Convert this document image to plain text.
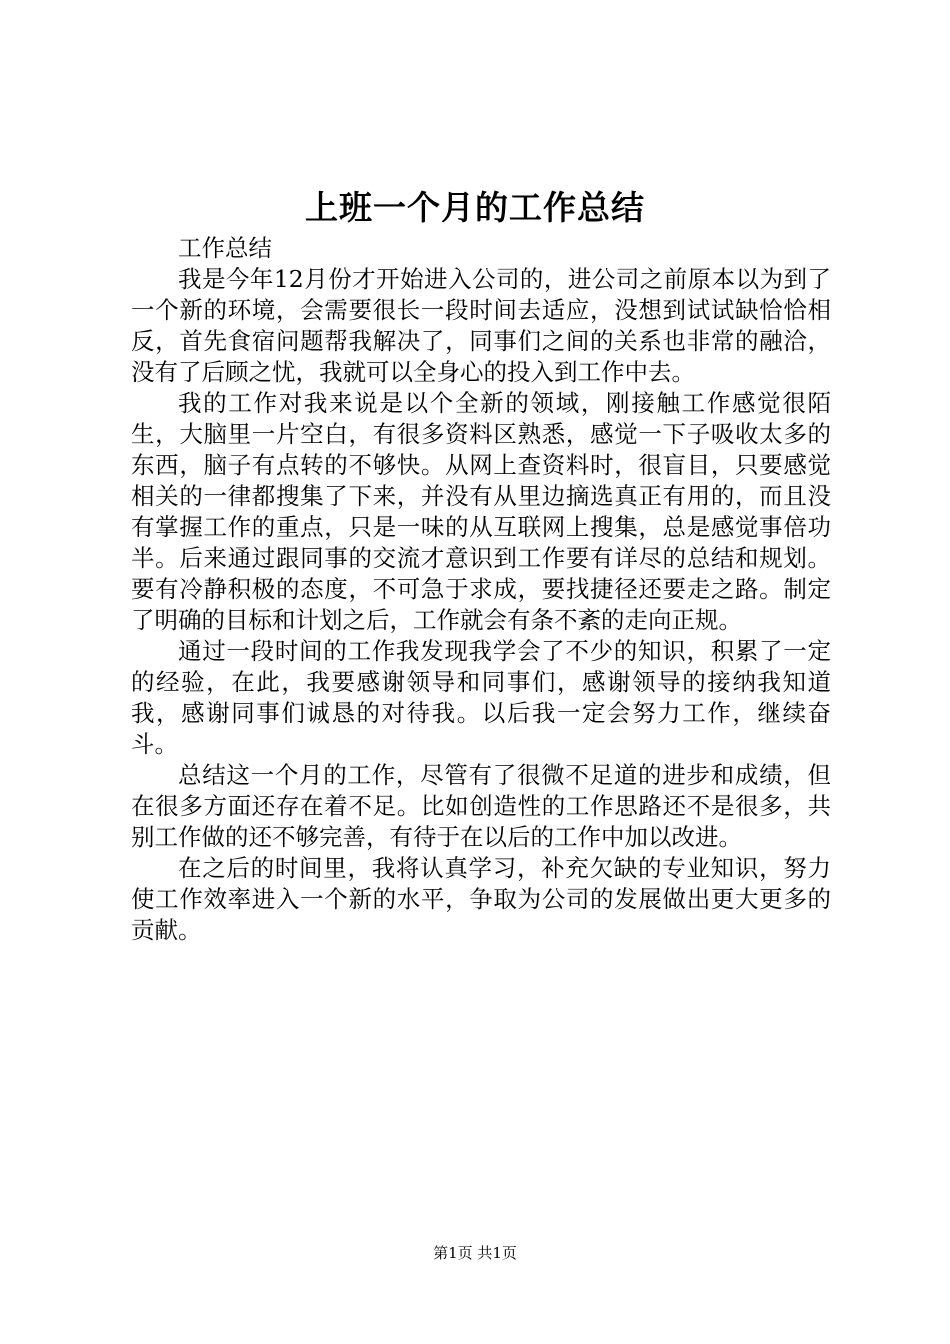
上班一个月的工作总结

工作总结

我是今年12月份才开始进入公司的，进公司之前原本以为到了一个新的环境，会需要很长一段时间去适应，没想到试试缺恰恰相反，首先食宿问题帮我解决了，同事们之间的关系也非常的融洽，没有了后顾之忧，我就可以全身心的投入到工作中去。

我的工作对我来说是以个全新的领域，刚接触工作感觉很陌生，大脑里一片空白，有很多资料区熟悉，感觉一下子吸收太多的东西，脑子有点转的不够快。从网上查资料时，很盲目，只要感觉相关的一律都搜集了下来，并没有从里边摘选真正有用的，而且没有掌握工作的重点，只是一味的从互联网上搜集，总是感觉事倍功半。后来通过跟同事的交流才意识到工作要有详尽的总结和规划。要有冷静积极的态度，不可急于求成，要找捷径还要走之路。制定了明确的目标和计划之后，工作就会有条不紊的走向正规。

通过一段时间的工作我发现我学会了不少的知识，积累了一定的经验，在此，我要感谢领导和同事们，感谢领导的接纳我知道我，感谢同事们诚恳的对待我。以后我一定会努力工作，继续奋斗。

总结这一个月的工作，尽管有了很微不足道的进步和成绩，但在很多方面还存在着不足。比如创造性的工作思路还不是很多，共别工作做的还不够完善，有待于在以后的工作中加以改进。

在之后的时间里，我将认真学习，补充欠缺的专业知识，努力使工作效率进入一个新的水平，争取为公司的发展做出更大更多的贡献。

第1页 共1页
